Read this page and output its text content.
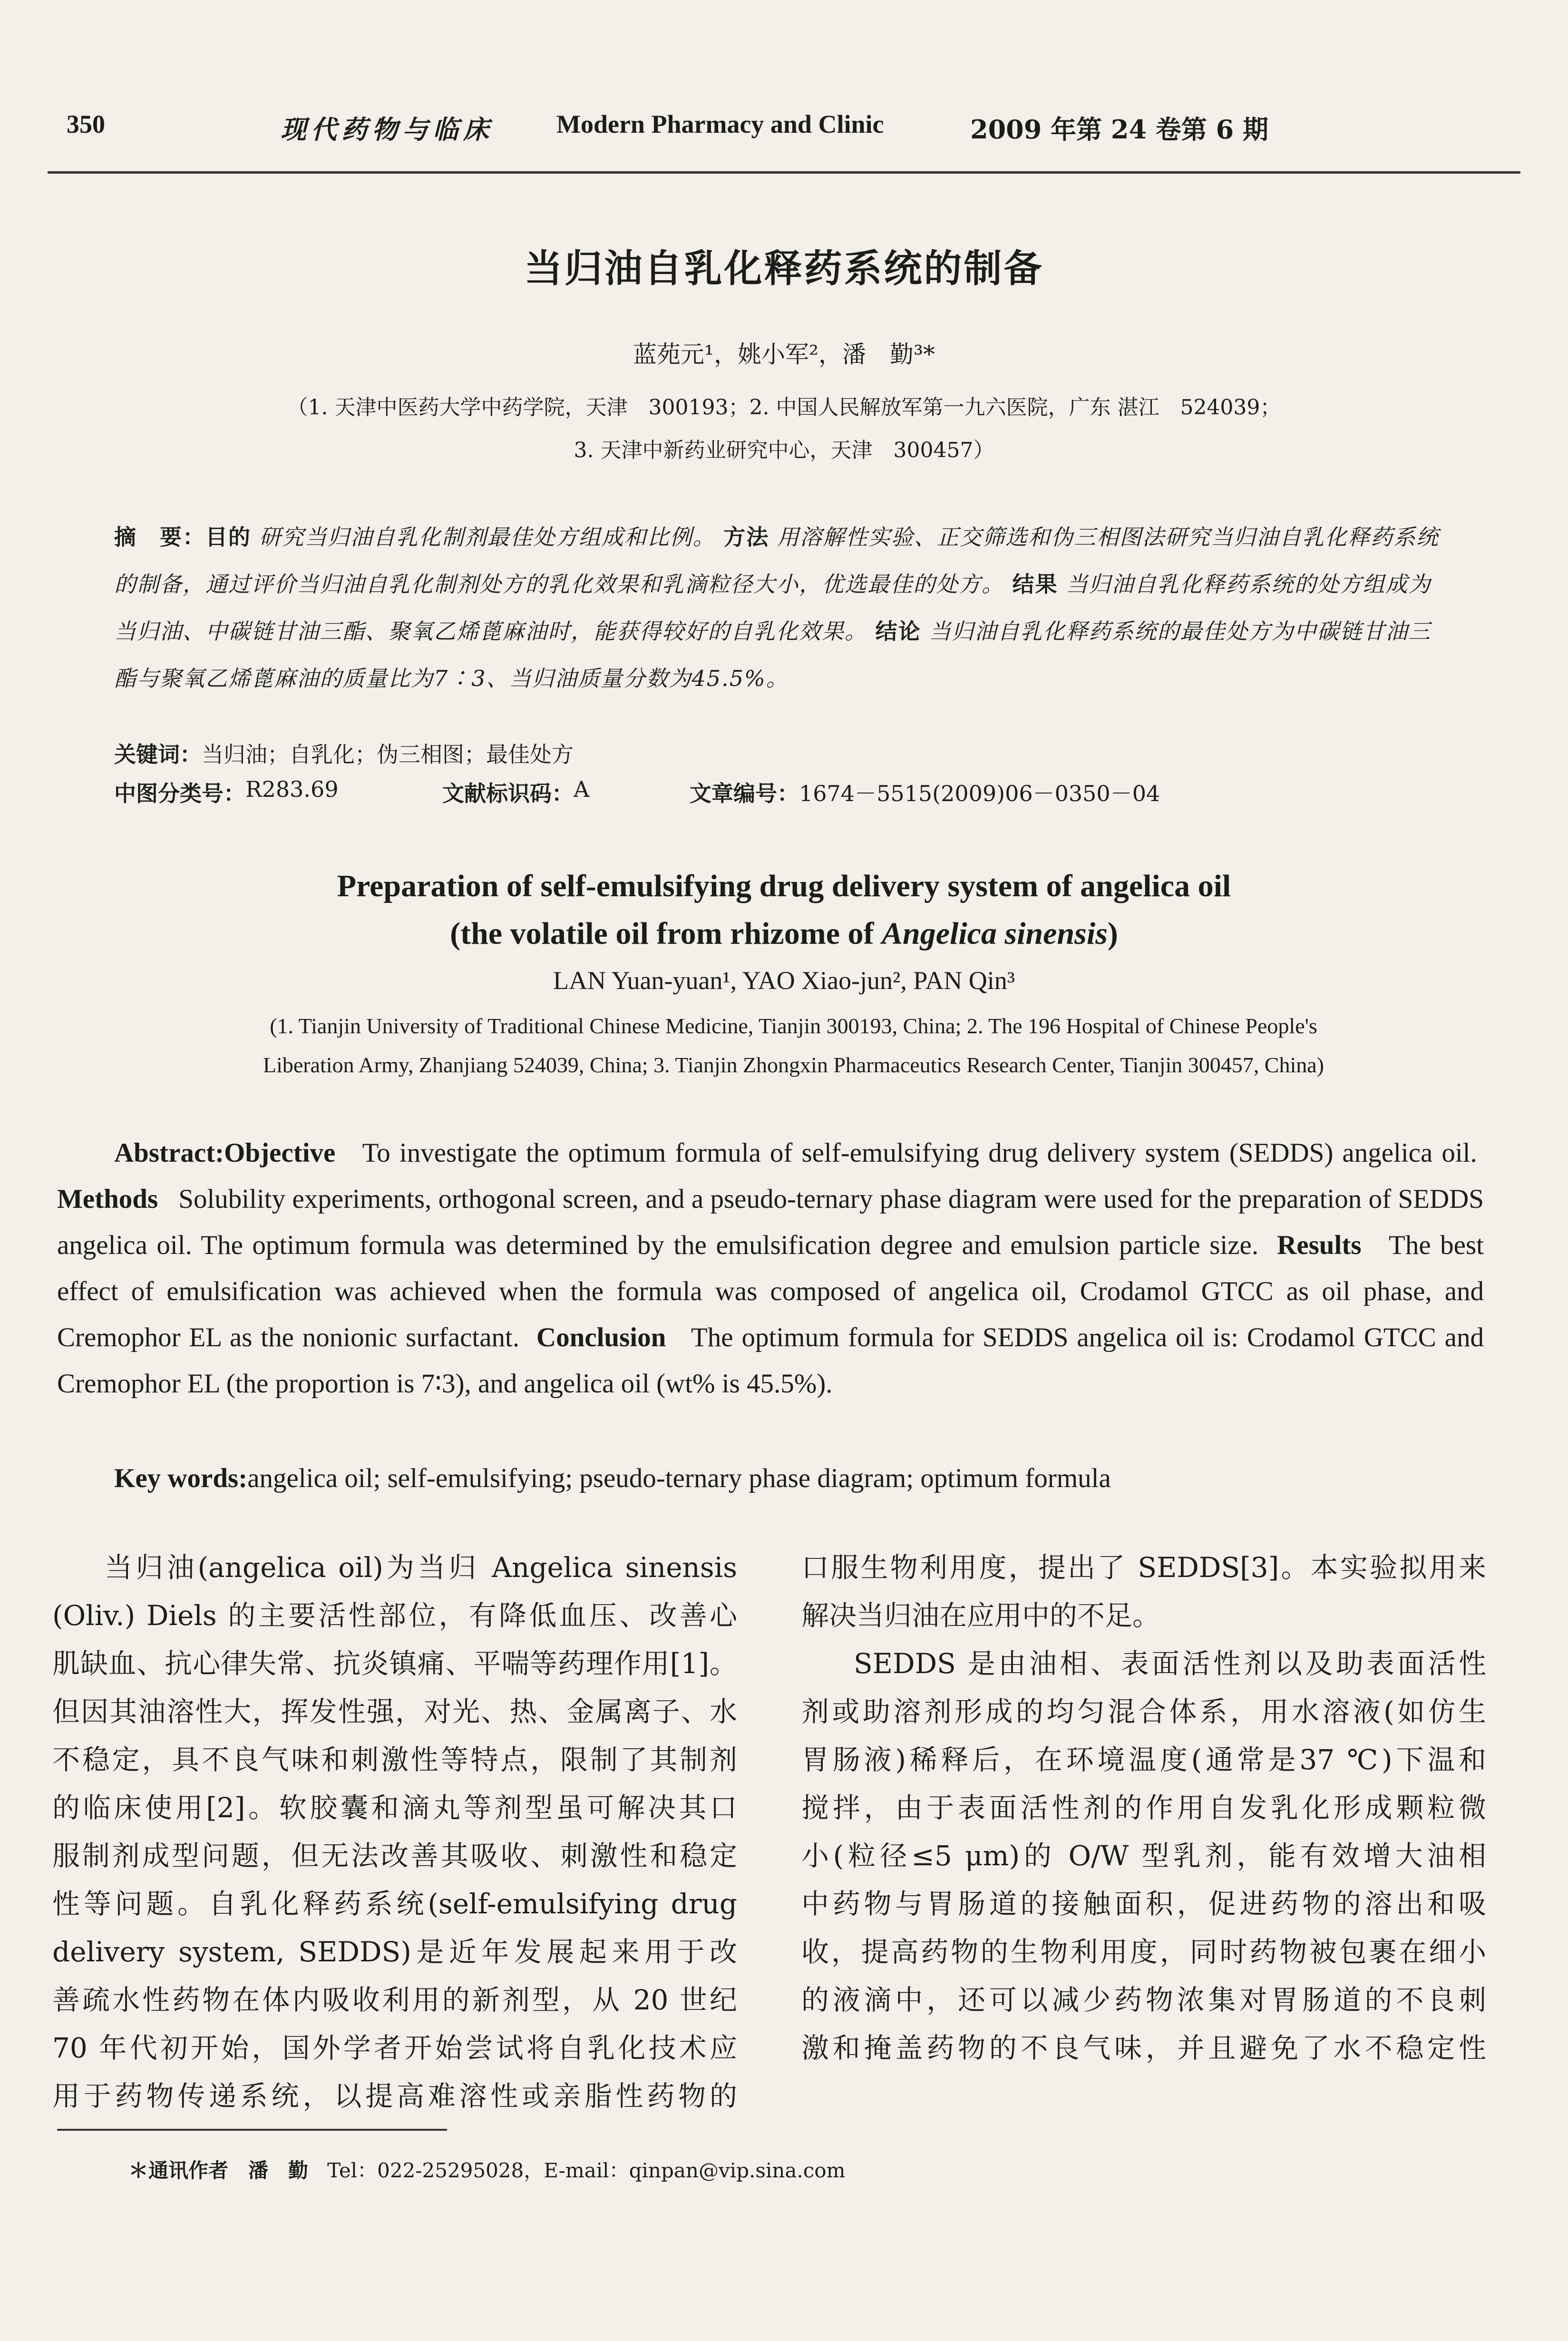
350	现代药物与临床 Modern Pharmacy and Clinic	2009 年第 24 卷第 6 期
当归油自乳化释药系统的制备
蓝苑元¹，姚小军²，潘　勤³*
（1. 天津中医药大学中药学院，天津　300193；2. 中国人民解放军第一九六医院，广东 湛江　524039；
3. 天津中新药业研究中心，天津　300457）

摘　要：目的 研究当归油自乳化制剂最佳处方组成和比例。 方法 用溶解性实验、正交筛选和伪三相图法研究当归油自乳化释药系统的制备，通过评价当归油自乳化制剂处方的乳化效果和乳滴粒径大小，优选最佳的处方。 结果 当归油自乳化释药系统的处方组成为当归油、中碳链甘油三酯、聚氧乙烯蓖麻油时，能获得较好的自乳化效果。 结论 当归油自乳化释药系统的最佳处方为中碳链甘油三酯与聚氧乙烯蓖麻油的质量比为7∶3、当归油质量分数为45.5%。

关键词：当归油；自乳化；伪三相图；最佳处方
中图分类号： R283.69	文献标识码： A	文章编号： 1674－5515(2009)06－0350－04
Preparation of self-emulsifying drug delivery system of angelica oil
(the volatile oil from rhizome of Angelica sinensis)
LAN Yuan-yuan¹, YAO Xiao-jun², PAN Qin³
(1. Tianjin University of Traditional Chinese Medicine, Tianjin 300193, China; 2. The 196 Hospital of Chinese People's
Liberation Army, Zhanjiang 524039, China; 3. Tianjin Zhongxin Pharmaceutics Research Center, Tianjin 300457, China)

Abstract:Objective To investigate the optimum formula of self-emulsifying drug delivery system (SEDDS) angelica oil.  Methods Solubility experiments, orthogonal screen, and a pseudo-ternary phase diagram were used for the preparation of SEDDS angelica oil. The optimum formula was determined by the emulsification degree and emulsion particle size. Results The best effect of emulsification was achieved when the formula was composed of angelica oil, Crodamol GTCC as oil phase, and Cremophor EL as the nonionic surfactant. Conclusion The optimum formula for SEDDS angelica oil is: Crodamol GTCC and Cremophor EL (the proportion is 7∶3), and angelica oil (wt% is 45.5%).

Key words:angelica oil; self-emulsifying; pseudo-ternary phase diagram; optimum formula

当归油(angelica oil)为当归 Angelica sinensis
(Oliv.) Diels 的主要活性部位，有降低血压、改善心
肌缺血、抗心律失常、抗炎镇痛、平喘等药理作用[1]。
但因其油溶性大，挥发性强，对光、热、金属离子、水
不稳定，具不良气味和刺激性等特点，限制了其制剂
的临床使用[2]。软胶囊和滴丸等剂型虽可解决其口
服制剂成型问题，但无法改善其吸收、刺激性和稳定
性等问题。自乳化释药系统(self-emulsifying drug
delivery system, SEDDS)是近年发展起来用于改
善疏水性药物在体内吸收利用的新剂型，从 20 世纪
70 年代初开始，国外学者开始尝试将自乳化技术应
用于药物传递系统，以提高难溶性或亲脂性药物的

口服生物利用度，提出了 SEDDS[3]。本实验拟用来
解决当归油在应用中的不足。
SEDDS 是由油相、表面活性剂以及助表面活性
剂或助溶剂形成的均匀混合体系，用水溶液(如仿生
胃肠液)稀释后，在环境温度(通常是37 ℃)下温和
搅拌，由于表面活性剂的作用自发乳化形成颗粒微
小(粒径≤5 μm)的 O/W 型乳剂，能有效增大油相
中药物与胃肠道的接触面积，促进药物的溶出和吸
收，提高药物的生物利用度，同时药物被包裹在细小
的液滴中，还可以减少药物浓集对胃肠道的不良刺
激和掩盖药物的不良气味，并且避免了水不稳定性

＊通讯作者　潘　勤 Tel：022-25295028，E-mail：qinpan@vip.sina.com
